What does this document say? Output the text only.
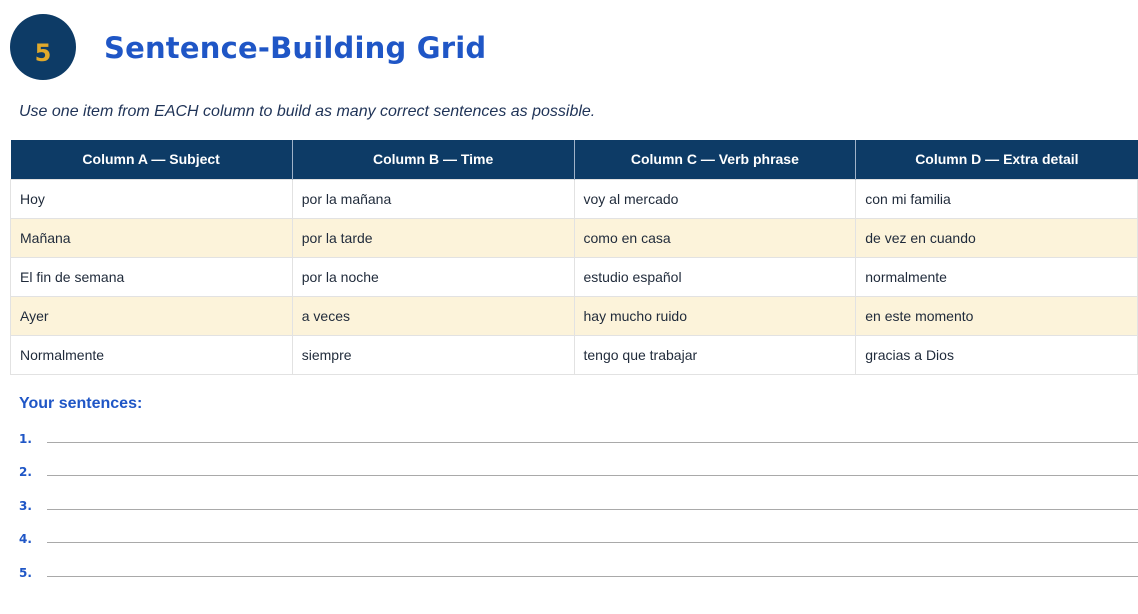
5 Sentence-Building Grid

Use one item from EACH column to build as many correct sentences as possible.

Column A — Subject	Column B — Time	Column C — Verb phrase	Column D — Extra detail
Hoy	por la mañana	voy al mercado	con mi familia
Mañana	por la tarde	como en casa	de vez en cuando
El fin de semana	por la noche	estudio español	normalmente
Ayer	a veces	hay mucho ruido	en este momento
Normalmente	siempre	tengo que trabajar	gracias a Dios
Your sentences:
1.
2.
3.
4.
5.
